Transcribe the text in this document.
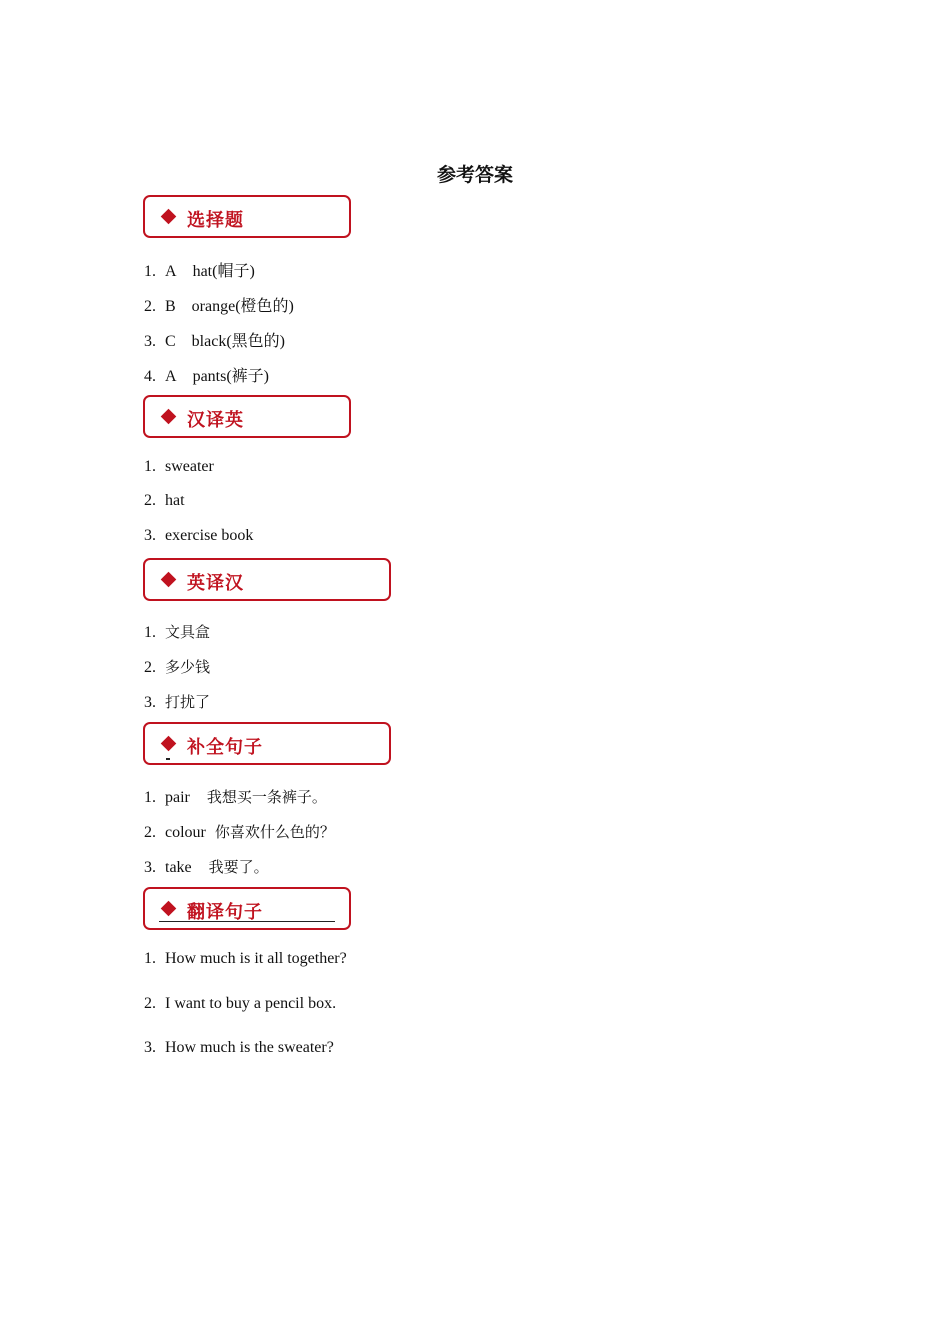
参考答案
选择题
1. A hat(帽子)
2. B orange(橙色的)
3. C black(黑色的)
4. A pants(裤子)
汉译英
1. sweater
2. hat
3. exercise book
英译汉
1. 文具盒
2. 多少钱
3. 打扰了
补全句子
1. pair 我想买一条裤子。
2. colour 你喜欢什么色的？
3. take 我要了。
翻译句子
1. How much is it all together?
2. I want to buy a pencil box.
3. How much is the sweater?
